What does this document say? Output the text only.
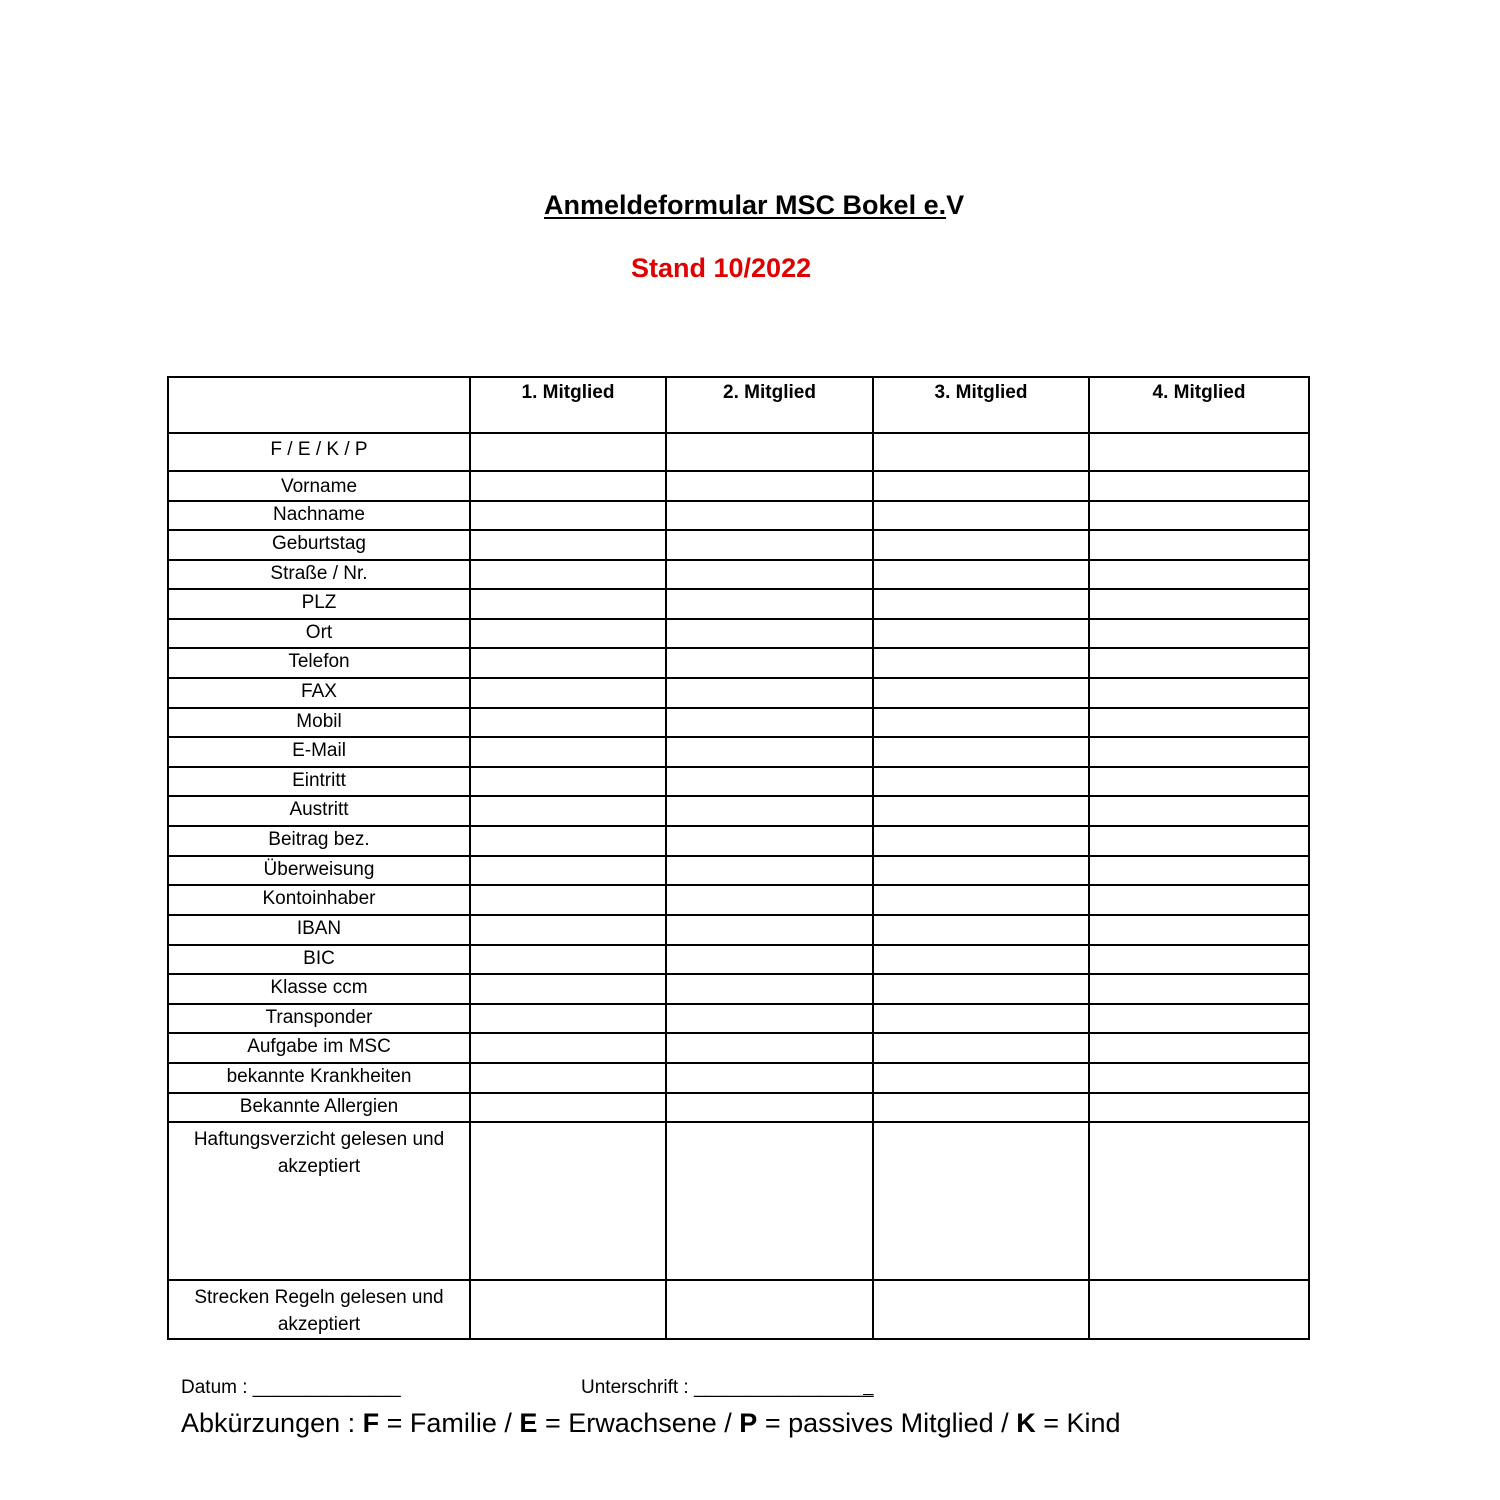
Anmeldeformular MSC Bokel e.V
Stand 10/2022
	1. Mitglied	2. Mitglied	3. Mitglied	4. Mitglied
F / E / K / P				
Vorname				
Nachname				
Geburtstag				
Straße / Nr.				
PLZ				
Ort				
Telefon				
FAX				
Mobil				
E-Mail				
Eintritt				
Austritt				
Beitrag bez.				
Überweisung				
Kontoinhaber				
IBAN				
BIC				
Klasse ccm				
Transponder				
Aufgabe im MSC				
bekannte Krankheiten				
Bekannte Allergien				
Haftungsverzicht gelesen und akzeptiert				
Strecken Regeln gelesen und akzeptiert				
Datum : ______________	Unterschrift : _________________
Abkürzungen : F = Familie / E = Erwachsene / P = passives Mitglied / K = Kind
